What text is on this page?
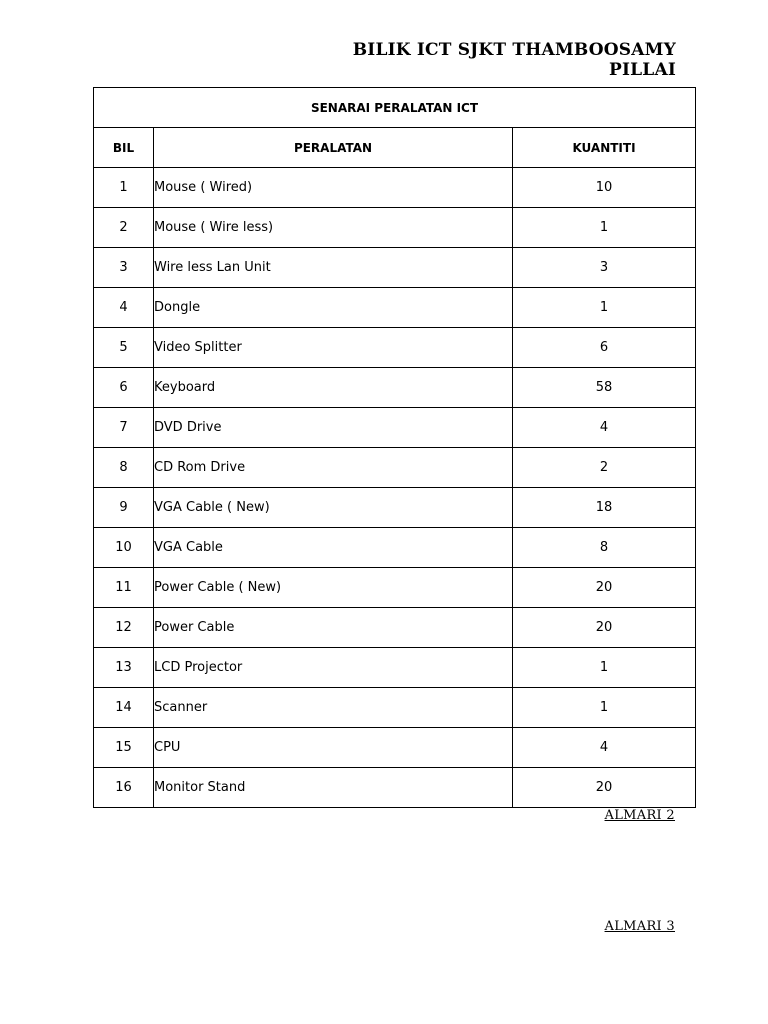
BILIK ICT SJKT THAMBOOSAMY PILLAI
SENARAI PERALATAN ICT		
BIL	PERALATAN	KUANTITI
1	Mouse ( Wired)	10
2	Mouse ( Wire less)	1
3	Wire less Lan Unit	3
4	Dongle	1
5	Video Splitter	6
6	Keyboard	58
7	DVD Drive	4
8	CD Rom Drive	2
9	VGA Cable ( New)	18
10	VGA Cable	8
11	Power Cable ( New)	20
12	Power Cable	20
13	LCD Projector	1
14	Scanner	1
15	CPU	4
16	Monitor Stand	20
ALMARI 2
ALMARI 3
